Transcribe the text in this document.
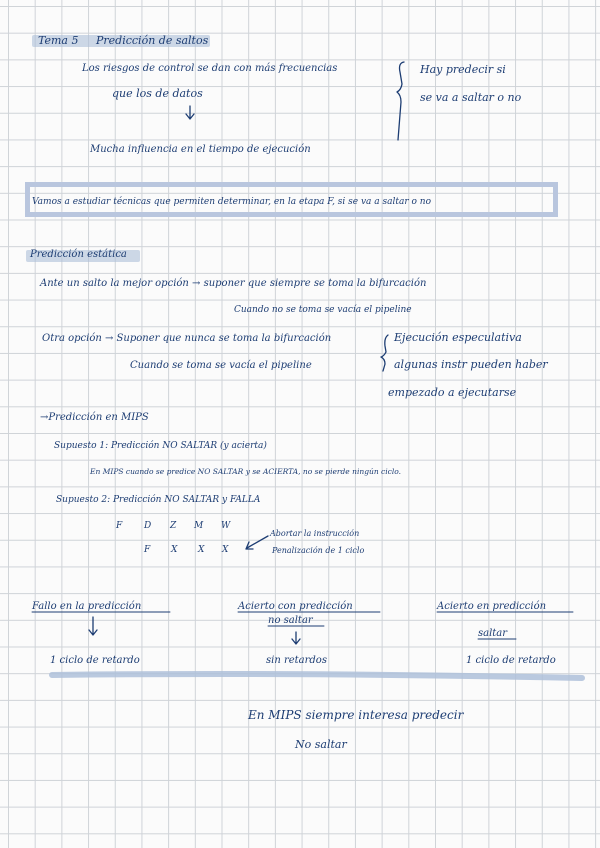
Tema 5 Predicción de saltos
Los riesgos de control se dan con más frecuencias
que los de datos
Mucha influencia en el tiempo de ejecución
Hay predecir si
se va a saltar o no
Vamos a estudiar técnicas que permiten determinar, en la etapa F, si se va a saltar o no
Predicción estática
Ante un salto la mejor opción → suponer que siempre se toma la bifurcación
Cuando no se toma se vacía el pipeline
Otra opción → Suponer que nunca se toma la bifurcación
Cuando se toma se vacía el pipeline
Ejecución especulativa
algunas instr pueden haber
empezado a ejecutarse
→Predicción en MIPS
Supuesto 1: Predicción NO SALTAR (y acierta)
En MIPS cuando se predice NO SALTAR y se ACIERTA, no se pierde ningún ciclo.
Supuesto 2: Predicción NO SALTAR y FALLA
F D Z M W
F X X X
Abortar la instrucción
Penalización de 1 ciclo
Fallo en la predicción
1 ciclo de retardo
Acierto con predicción
no saltar
sin retardos
Acierto en predicción
saltar
1 ciclo de retardo
En MIPS siempre interesa predecir
No saltar
